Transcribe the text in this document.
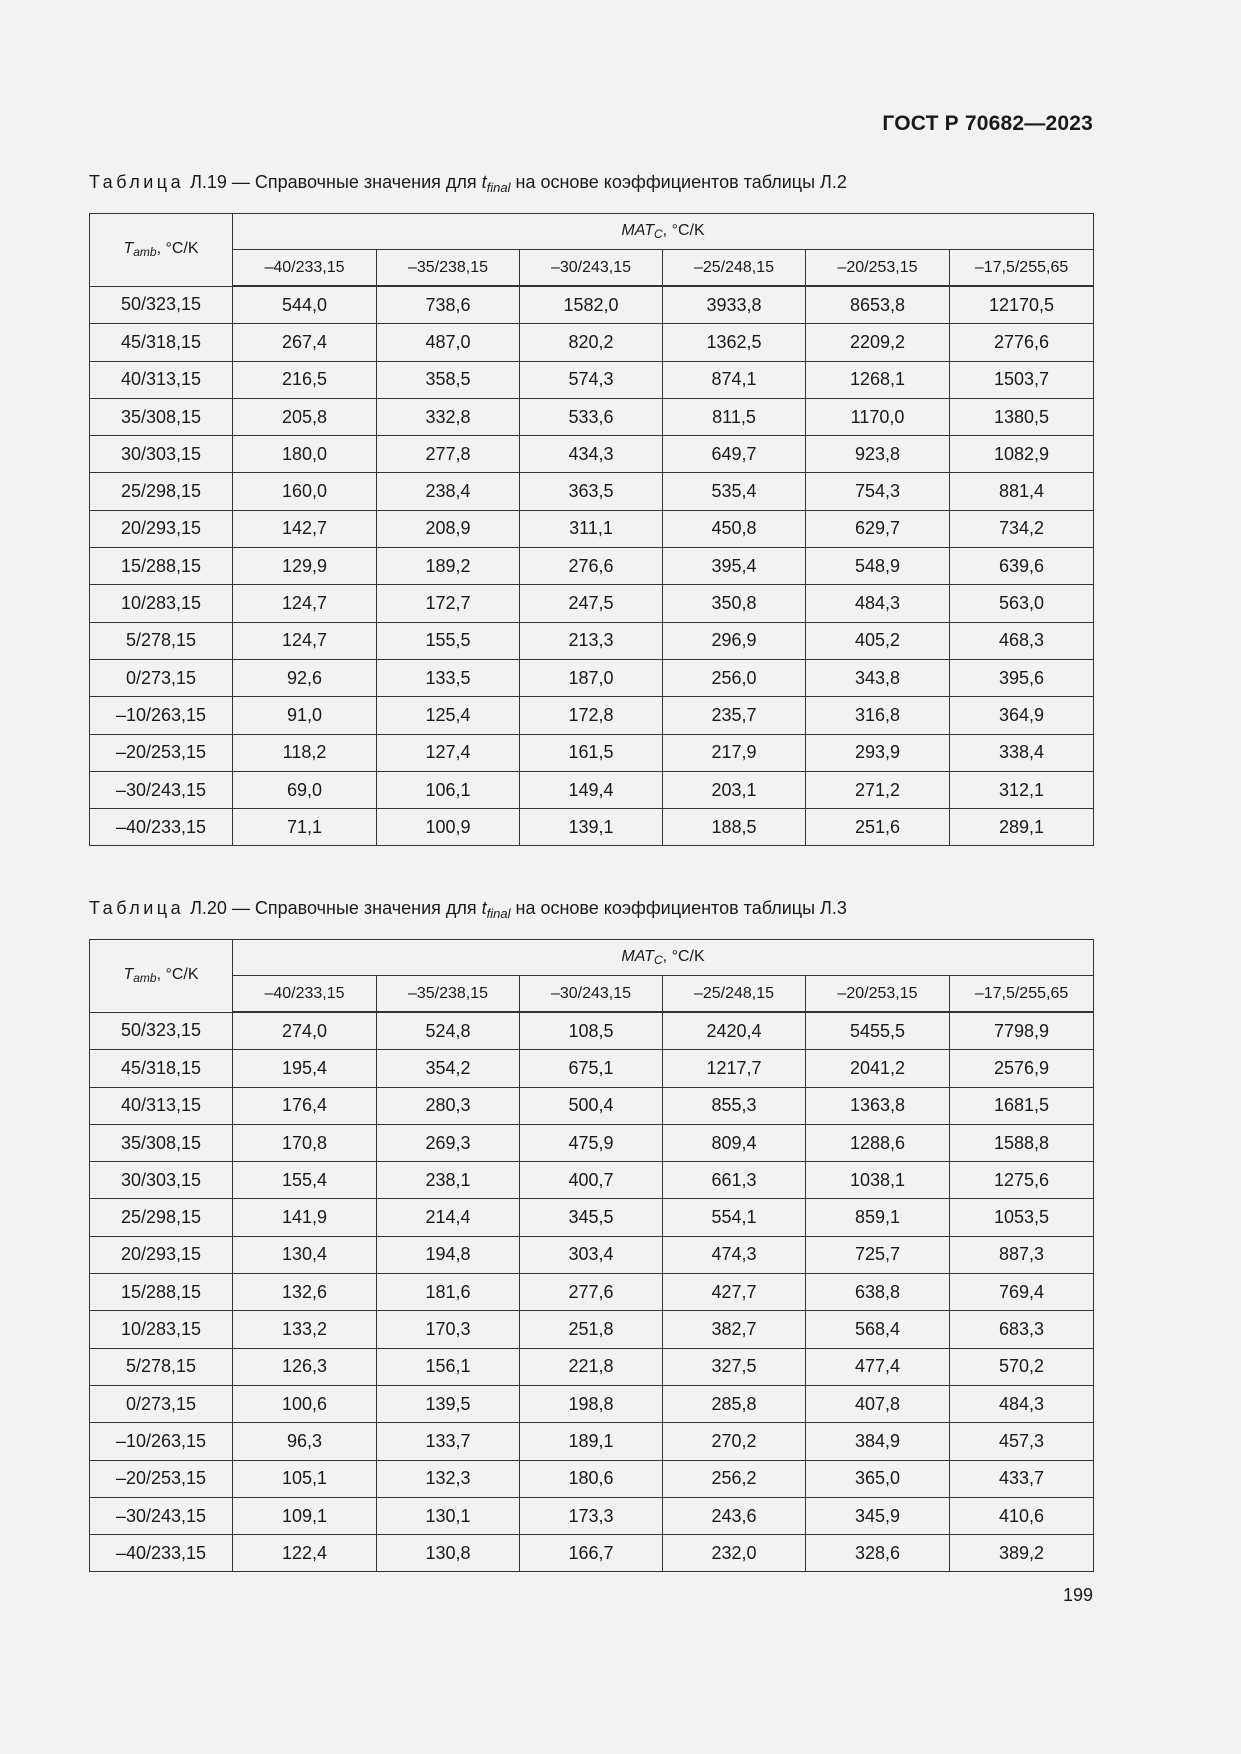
ГОСТ Р 70682—2023
Таблица Л.19 — Справочные значения для $t_{final}$ на основе коэффициентов таблицы Л.2
$T_{amb}$, °C/K	$MAT_C$, °C/K					
	–40/233,15	–35/238,15	–30/243,15	–25/248,15	–20/253,15	–17,5/255,65
50/323,15	544,0	738,6	1582,0	3933,8	8653,8	12170,5
45/318,15	267,4	487,0	820,2	1362,5	2209,2	2776,6
40/313,15	216,5	358,5	574,3	874,1	1268,1	1503,7
35/308,15	205,8	332,8	533,6	811,5	1170,0	1380,5
30/303,15	180,0	277,8	434,3	649,7	923,8	1082,9
25/298,15	160,0	238,4	363,5	535,4	754,3	881,4
20/293,15	142,7	208,9	311,1	450,8	629,7	734,2
15/288,15	129,9	189,2	276,6	395,4	548,9	639,6
10/283,15	124,7	172,7	247,5	350,8	484,3	563,0
5/278,15	124,7	155,5	213,3	296,9	405,2	468,3
0/273,15	92,6	133,5	187,0	256,0	343,8	395,6
–10/263,15	91,0	125,4	172,8	235,7	316,8	364,9
–20/253,15	118,2	127,4	161,5	217,9	293,9	338,4
–30/243,15	69,0	106,1	149,4	203,1	271,2	312,1
–40/233,15	71,1	100,9	139,1	188,5	251,6	289,1
Таблица Л.20 — Справочные значения для $t_{final}$ на основе коэффициентов таблицы Л.3
$T_{amb}$, °C/K	$MAT_C$, °C/K					
	–40/233,15	–35/238,15	–30/243,15	–25/248,15	–20/253,15	–17,5/255,65
50/323,15	274,0	524,8	108,5	2420,4	5455,5	7798,9
45/318,15	195,4	354,2	675,1	1217,7	2041,2	2576,9
40/313,15	176,4	280,3	500,4	855,3	1363,8	1681,5
35/308,15	170,8	269,3	475,9	809,4	1288,6	1588,8
30/303,15	155,4	238,1	400,7	661,3	1038,1	1275,6
25/298,15	141,9	214,4	345,5	554,1	859,1	1053,5
20/293,15	130,4	194,8	303,4	474,3	725,7	887,3
15/288,15	132,6	181,6	277,6	427,7	638,8	769,4
10/283,15	133,2	170,3	251,8	382,7	568,4	683,3
5/278,15	126,3	156,1	221,8	327,5	477,4	570,2
0/273,15	100,6	139,5	198,8	285,8	407,8	484,3
–10/263,15	96,3	133,7	189,1	270,2	384,9	457,3
–20/253,15	105,1	132,3	180,6	256,2	365,0	433,7
–30/243,15	109,1	130,1	173,3	243,6	345,9	410,6
–40/233,15	122,4	130,8	166,7	232,0	328,6	389,2
199
